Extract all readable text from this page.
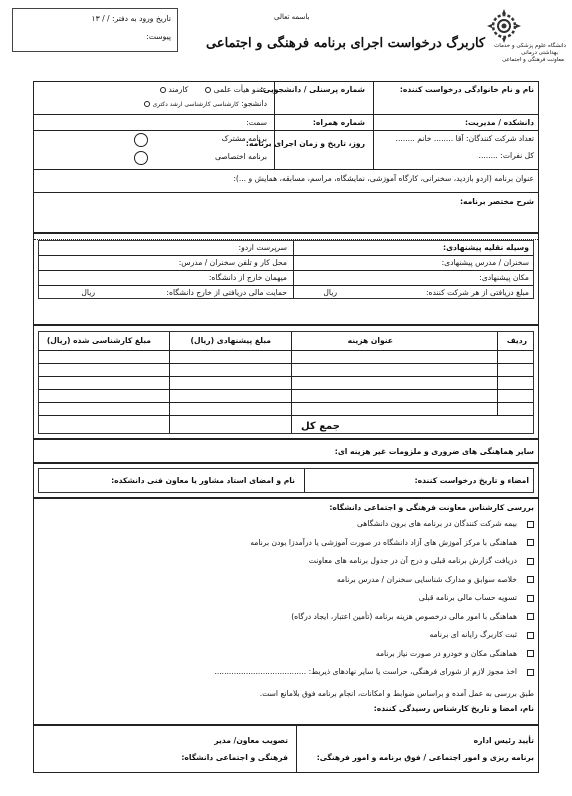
تاریخ ورود به دفتر: / / ۱۳
پیوست:
باسمه تعالی
کاربرگ درخواست اجرای برنامه فرهنگی و اجتماعی دانشگاه علوم پزشکی و خدمات
بهداشتی درمانی
معاونت فرهنگی و اجتماعی
نام و نام خانوادگی درخواست کننده:
شماره پرسنلی / دانشجویی:
عضو هیأت علمی        کارمند
دانشجو: کارشناسی کارشناسی ارشد دکتری
دانشکده / مدیریت:
شماره همراه:
سمت:
تعداد شرکت کنندگان: آقا ........ خانم ........
کل نفرات: ........
روز، تاریخ و زمان اجرای برنامه:
برنامه مشترک
برنامه اختصاصی
عنوان برنامه (اردو بازدید، سخنرانی، کارگاه آموزشی، نمایشگاه، مراسم، مسابقه، همایش و ...):
شرح مختصر برنامه:
وسیله نقلیه پیشنهادی:
سرپرست اردو:
سخنران / مدرس پیشنهادی:
محل کار و تلفن سخنران / مدرس:
مکان پیشنهادی:
میهمان خارج از دانشگاه:
مبلغ دریافتی از هر شرکت کننده:
ریال
حمایت مالی دریافتی از خارج دانشگاه:
ریال
ردیف
عنوان هزینه
مبلغ پیشنهادی (ریال)
مبلغ کارشناسی شده (ریال)
جمع کل
سایر هماهنگی های ضروری و ملزومات غیر هزینه ای:
امضاء و تاریخ درخواست کننده:
نام و امضای استاد مشاور یا معاون فنی دانشکده:
بررسی کارشناس معاونت فرهنگی و اجتماعی دانشگاه:
بیمه شرکت کنندگان در برنامه های برون دانشگاهی
هماهنگی با مرکز آموزش های آزاد دانشگاه در صورت آموزشی یا درآمدزا بودن برنامه
دریافت گزارش برنامه قبلی و درج آن در جدول برنامه های معاونت
خلاصه سوابق و مدارک شناسایی سخنران / مدرس برنامه
تسویه حساب مالی برنامه قبلی
هماهنگی با امور مالی درخصوص هزینه برنامه (تأمین اعتبار، ایجاد درگاه)
ثبت کاربرگ رایانه ای برنامه
هماهنگی مکان و خودرو در صورت نیاز برنامه
اخذ مجوز لازم از شورای فرهنگی، حراست یا سایر نهادهای ذیربط: ......................................
طبق بررسی به عمل آمده و براساس ضوابط و امکانات، انجام برنامه فوق بلامانع است.
نام، امضا و تاریخ کارشناس رسیدگی کننده:
تأیید رئیس اداره
برنامه ریزی و امور اجتماعی / فوق برنامه و امور فرهنگی:
تصویب معاون/ مدیر
فرهنگی و اجتماعی دانشگاه:
